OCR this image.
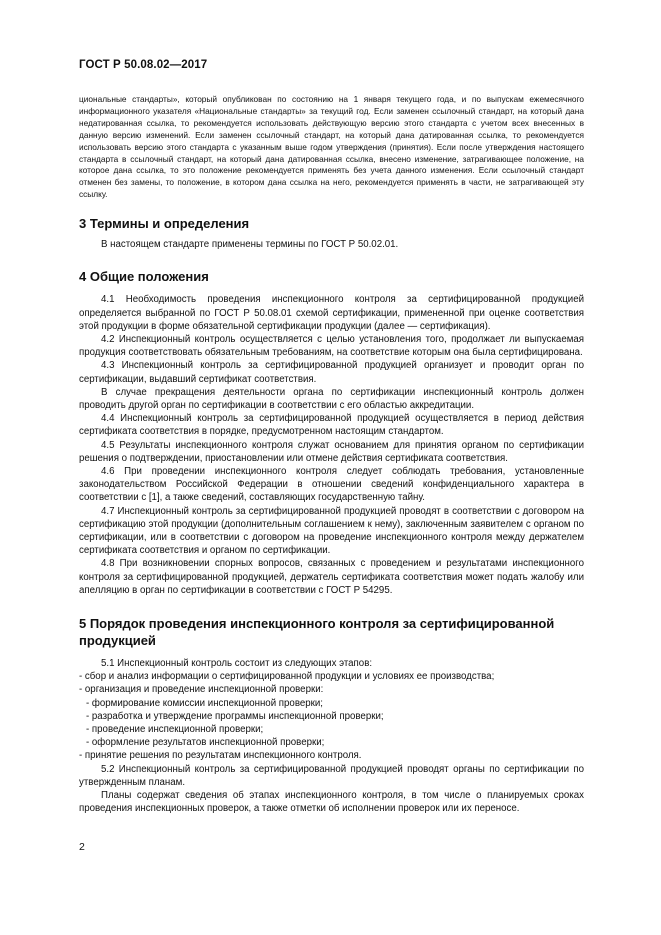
ГОСТ Р 50.08.02—2017

циональные стандарты», который опубликован по состоянию на 1 января текущего года, и по выпускам ежемесячного информационного указателя «Национальные стандарты» за текущий год. Если заменен ссылочный стандарт, на который дана недатированная ссылка, то рекомендуется использовать действующую версию этого стандарта с учетом всех внесенных в данную версию изменений. Если заменен ссылочный стандарт, на который дана датированная ссылка, то рекомендуется использовать версию этого стандарта с указанным выше годом утверждения (принятия). Если после утверждения настоящего стандарта в ссылочный стандарт, на который дана датированная ссылка, внесено изменение, затрагивающее положение, на которое дана ссылка, то это положение рекомендуется применять без учета данного изменения. Если ссылочный стандарт отменен без замены, то положение, в котором дана ссылка на него, рекомендуется применять в части, не затрагивающей эту ссылку.

3 Термины и определения

В настоящем стандарте применены термины по ГОСТ Р 50.02.01.

4 Общие положения

4.1 Необходимость проведения инспекционного контроля за сертифицированной продукцией определяется выбранной по ГОСТ Р 50.08.01 схемой сертификации, примененной при оценке соответствия этой продукции в форме обязательной сертификации продукции (далее — сертификация).

4.2 Инспекционный контроль осуществляется с целью установления того, продолжает ли выпускаемая продукция соответствовать обязательным требованиям, на соответствие которым она была сертифицирована.

4.3 Инспекционный контроль за сертифицированной продукцией организует и проводит орган по сертификации, выдавший сертификат соответствия.

В случае прекращения деятельности органа по сертификации инспекционный контроль должен проводить другой орган по сертификации в соответствии с его областью аккредитации.

4.4 Инспекционный контроль за сертифицированной продукцией осуществляется в период действия сертификата соответствия в порядке, предусмотренном настоящим стандартом.

4.5 Результаты инспекционного контроля служат основанием для принятия органом по сертификации решения о подтверждении, приостановлении или отмене действия сертификата соответствия.

4.6 При проведении инспекционного контроля следует соблюдать требования, установленные законодательством Российской Федерации в отношении сведений конфиденциального характера в соответствии с [1], а также сведений, составляющих государственную тайну.

4.7 Инспекционный контроль за сертифицированной продукцией проводят в соответствии с договором на сертификацию этой продукции (дополнительным соглашением к нему), заключенным заявителем с органом по сертификации, или в соответствии с договором на проведение инспекционного контроля между держателем сертификата соответствия и органом по сертификации.

4.8 При возникновении спорных вопросов, связанных с проведением и результатами инспекционного контроля за сертифицированной продукцией, держатель сертификата соответствия может подать жалобу или апелляцию в орган по сертификации в соответствии с ГОСТ Р 54295.

5 Порядок проведения инспекционного контроля за сертифицированной продукцией

5.1 Инспекционный контроль состоит из следующих этапов:

- сбор и анализ информации о сертифицированной продукции и условиях ее производства;
- организация и проведение инспекционной проверки:
- формирование комиссии инспекционной проверки;
- разработка и утверждение программы инспекционной проверки;
- проведение инспекционной проверки;
- оформление результатов инспекционной проверки;
- принятие решения по результатам инспекционного контроля.

5.2 Инспекционный контроль за сертифицированной продукцией проводят органы по сертификации по утвержденным планам.

Планы содержат сведения об этапах инспекционного контроля, в том числе о планируемых сроках проведения инспекционных проверок, а также отметки об исполнении проверок или их переносе.

2
